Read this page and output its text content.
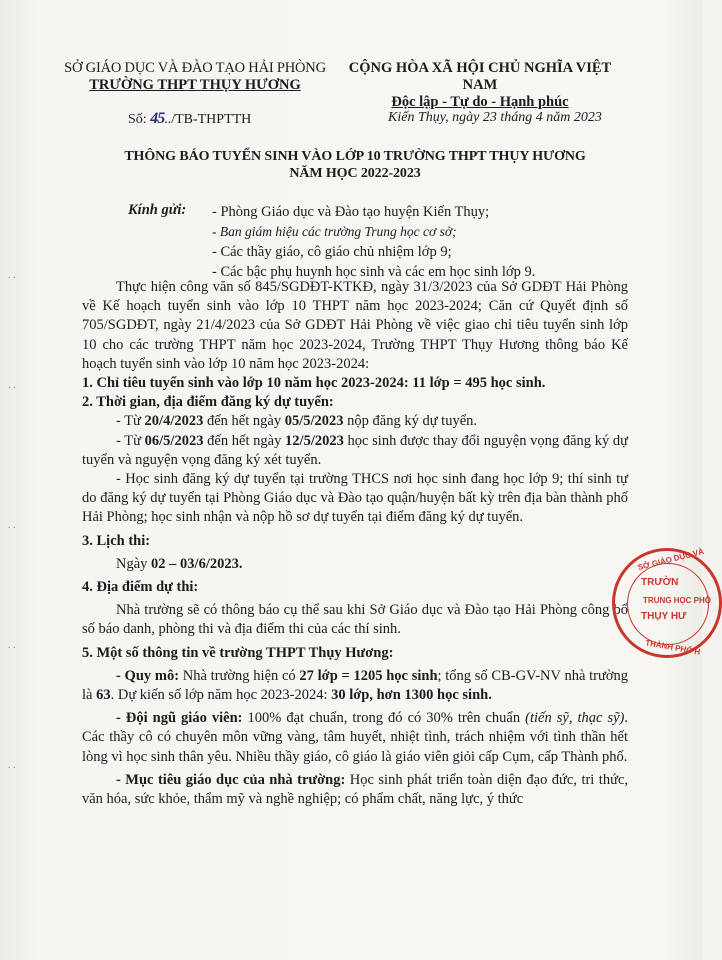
SỞ GIÁO DỤC VÀ ĐÀO TẠO HẢI PHÒNG
TRƯỜNG THPT THỤY HƯƠNG
CỘNG HÒA XÃ HỘI CHỦ NGHĨA VIỆT NAM
Độc lập - Tự do - Hạnh phúc
Số: 45../TB-THPTTH	Kiến Thụy, ngày 23 tháng 4 năm 2023
THÔNG BÁO TUYỂN SINH VÀO LỚP 10 TRƯỜNG THPT THỤY HƯƠNG
NĂM HỌC 2022-2023
Kính gửi: - Phòng Giáo dục và Đào tạo huyện Kiến Thụy;
- Ban giám hiệu các trường Trung học cơ sở;
- Các thầy giáo, cô giáo chủ nhiệm lớp 9;
- Các bậc phụ huynh học sinh và các em học sinh lớp 9.

Thực hiện công văn số 845/SGDĐT-KTKĐ, ngày 31/3/2023 của Sở GDĐT Hải Phòng về Kế hoạch tuyển sinh vào lớp 10 THPT năm học 2023-2024; Căn cứ Quyết định số 705/SGDĐT, ngày 21/4/2023 của Sở GDĐT Hải Phòng về việc giao chỉ tiêu tuyển sinh lớp 10 cho các trường THPT năm học 2023-2024, Trường THPT Thụy Hương thông báo Kế hoạch tuyển sinh vào lớp 10 năm học 2023-2024:

1. Chỉ tiêu tuyển sinh vào lớp 10 năm học 2023-2024: 11 lớp = 495 học sinh.

2. Thời gian, địa điểm đăng ký dự tuyển:

- Từ 20/4/2023 đến hết ngày 05/5/2023 nộp đăng ký dự tuyển.

- Từ 06/5/2023 đến hết ngày 12/5/2023 học sinh được thay đổi nguyện vọng đăng ký dự tuyển và nguyện vọng đăng ký xét tuyển.

- Học sinh đăng ký dự tuyển tại trường THCS nơi học sinh đang học lớp 9; thí sinh tự do đăng ký dự tuyển tại Phòng Giáo dục và Đào tạo quận/huyện bất kỳ trên địa bàn thành phố Hải Phòng; học sinh nhận và nộp hồ sơ dự tuyển tại điểm đăng ký dự tuyển.

3. Lịch thi:

Ngày 02 – 03/6/2023.

4. Địa điểm dự thi:

Nhà trường sẽ có thông báo cụ thể sau khi Sở Giáo dục và Đào tạo Hải Phòng công bố số báo danh, phòng thi và địa điểm thi của các thí sinh.

5. Một số thông tin về trường THPT Thụy Hương:

- Quy mô: Nhà trường hiện có 27 lớp = 1205 học sinh; tổng số CB-GV-NV nhà trường là 63. Dự kiến số lớp năm học 2023-2024: 30 lớp, hơn 1300 học sinh.

- Đội ngũ giáo viên: 100% đạt chuẩn, trong đó có 30% trên chuẩn (tiến sỹ, thạc sỹ). Các thầy cô có chuyên môn vững vàng, tâm huyết, nhiệt tình, trách nhiệm với tình thần hết lòng vì học sinh thân yêu. Nhiều thầy giáo, cô giáo là giáo viên giỏi cấp Cụm, cấp Thành phố.

- Mục tiêu giáo dục của nhà trường: Học sinh phát triển toàn diện đạo đức, tri thức, văn hóa, sức khỏe, thẩm mỹ và nghề nghiệp; có phẩm chất, năng lực, ý thức

SỞ GIÁO DỤC VÀ
TRƯỜN
TRUNG HỌC PHỔ
THỤY HƯ
THÀNH PHỐ H
. .
. .
. .
. .
. .
